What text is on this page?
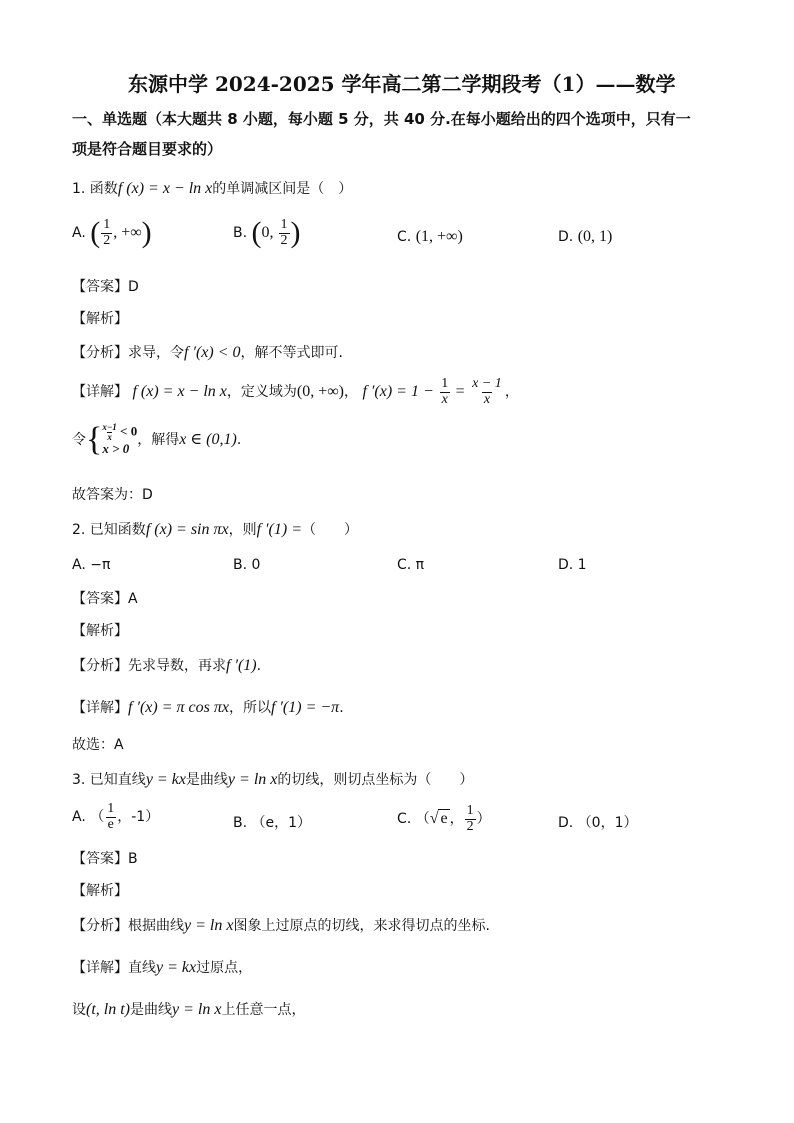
东源中学 2024-2025 学年高二第二学期段考（1）——数学
一、单选题（本大题共 8 小题，每小题 5 分，共 40 分.在每小题给出的四个选项中，只有一
项是符合题目要求的）
1. 函数f (x) = x − ln x的单调减区间是（　）
A. ( $\frac{1}{2}$ , +∞)	B. (0, $\frac{1}{2}$ )	C. (1, +∞)	D. (0, 1)
【答案】D
【解析】
【分析】求导，令f ′(x) < 0，解不等式即可.
【详解】 f (x) = x − ln x，定义域为(0, +∞)， f $'(x) = 1 - \frac{1}{x} = \frac{x - 1}{x}$ ，
令 { $\frac{x-1}{x} < 0$
x > 0
，解得x ∈ (0,1).
故答案为：D
2. 已知函数f (x) = sin πx，则f ′(1) =（　　）
A. −π	B. 0	C. π	D. 1
【答案】A
【解析】
【分析】先求导数，再求f ′(1).
【详解】f ′(x) = π cos πx，所以f ′(1) = −π.
故选：A
3. 已知直线y = kx是曲线y = ln x的切线，则切点坐标为（　　）
A. （ $\frac{1}{e}$ ，-1）	B. （e，1）	C. （√ e ， $\frac{1}{2}$ ）	D. （0，1）
【答案】B
【解析】
【分析】根据曲线y = ln x图象上过原点的切线，来求得切点的坐标.
【详解】直线y = kx过原点，
设(t, ln t)是曲线y = ln x上任意一点，
